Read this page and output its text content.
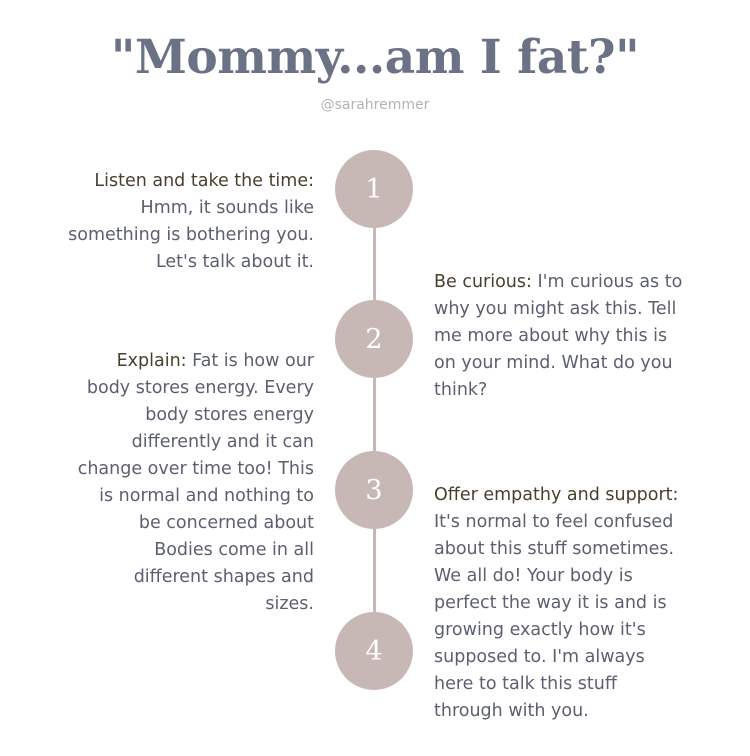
"Mommy...am I fat?"
@sarahremmer
1
2
3
4
Listen and take the time:
Hmm, it sounds like
something is bothering you.
Let's talk about it.
Be curious: I'm curious as to
why you might ask this. Tell
me more about why this is
on your mind. What do you
think?
Explain: Fat is how our
body stores energy. Every
body stores energy
differently and it can
change over time too! This
is normal and nothing to
be concerned about
Bodies come in all
different shapes and
sizes.
Offer empathy and support:
It's normal to feel confused
about this stuff sometimes.
We all do! Your body is
perfect the way it is and is
growing exactly how it's
supposed to. I'm always
here to talk this stuff
through with you.
